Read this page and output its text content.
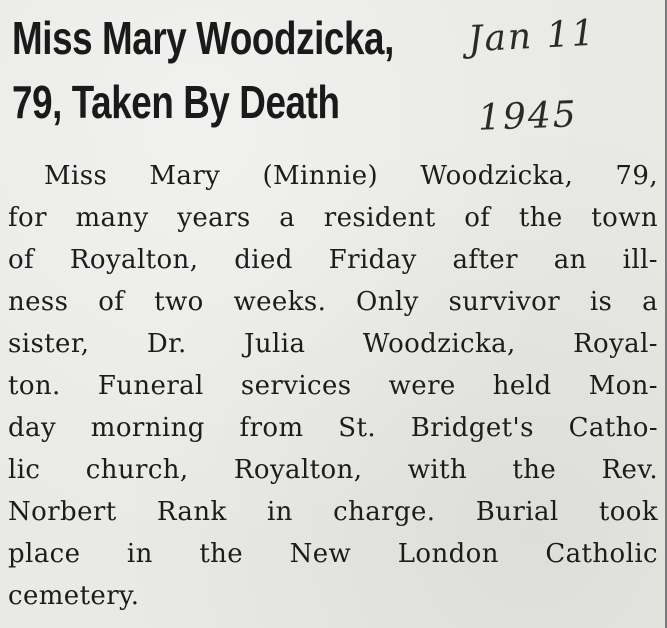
Miss Mary Woodzicka,
79, Taken By Death
Jan 11
1945
Miss Mary (Minnie) Woodzicka, 79,
for many years a resident of the town
of Royalton, died Friday after an ill-
ness of two weeks. Only survivor is a
sister, Dr. Julia Woodzicka, Royal-
ton. Funeral services were held Mon-
day morning from St. Bridget's Catho-
lic church, Royalton, with the Rev.
Norbert Rank in charge. Burial took
place in the New London Catholic
cemetery.
